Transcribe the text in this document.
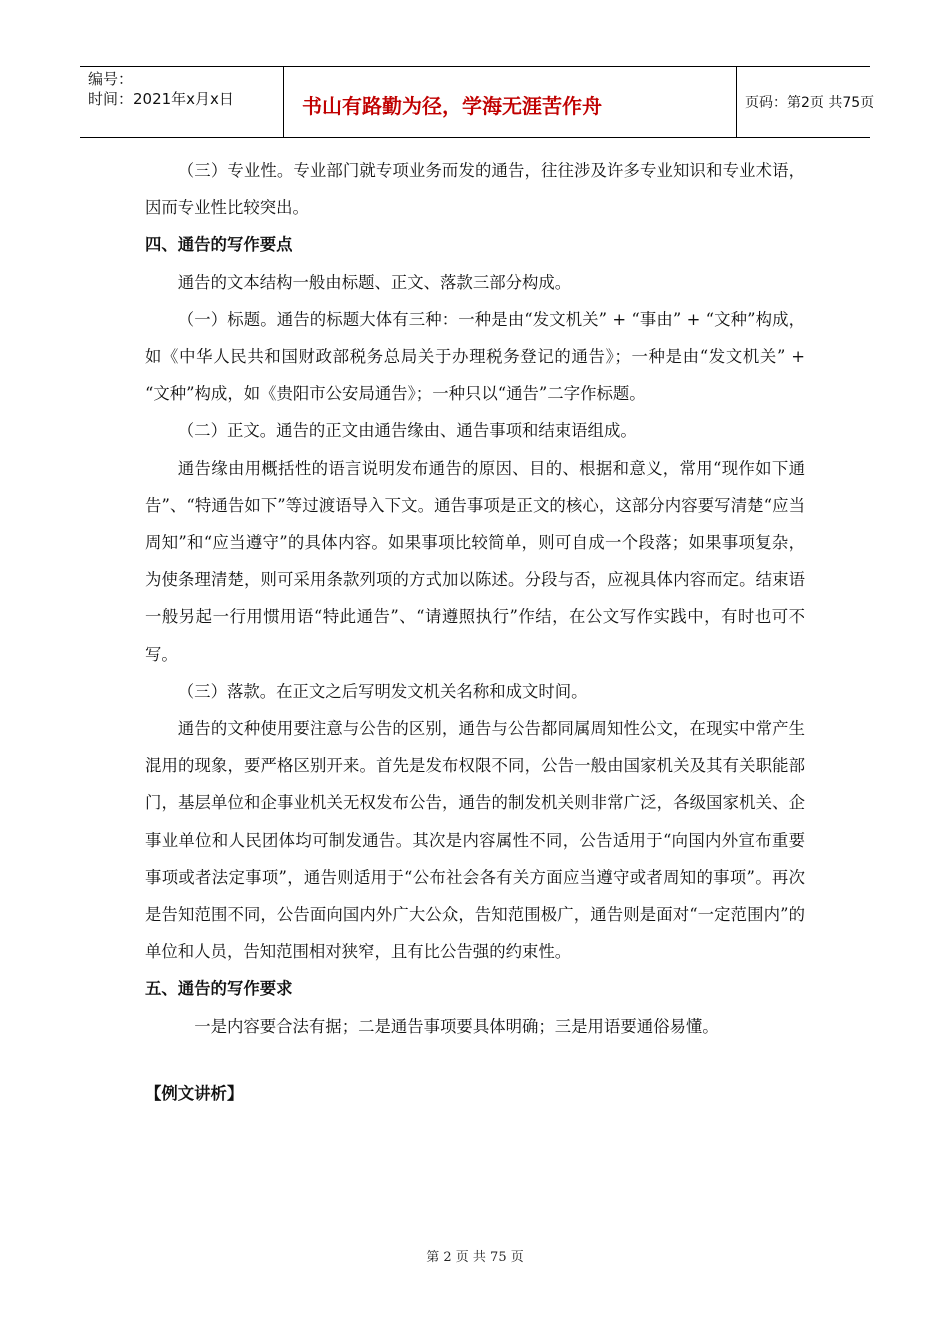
编号：
时间：2021年x月x日	书山有路勤为径，学海无涯苦作舟	页码：第2页 共75页

（三）专业性。专业部门就专项业务而发的通告，往往涉及许多专业知识和专业术语，因而专业性比较突出。

四、通告的写作要点

通告的文本结构一般由标题、正文、落款三部分构成。

（一）标题。通告的标题大体有三种：一种是由“发文机关” + “事由” + “文种”构成，如《中华人民共和国财政部税务总局关于办理税务登记的通告》；一种是由“发文机关” + “文种”构成，如《贵阳市公安局通告》；一种只以“通告”二字作标题。

（二）正文。通告的正文由通告缘由、通告事项和结束语组成。

通告缘由用概括性的语言说明发布通告的原因、目的、根据和意义，常用“现作如下通告”、“特通告如下”等过渡语导入下文。通告事项是正文的核心，这部分内容要写清楚“应当周知”和“应当遵守”的具体内容。如果事项比较简单，则可自成一个段落；如果事项复杂，为使条理清楚，则可采用条款列项的方式加以陈述。分段与否，应视具体内容而定。结束语一般另起一行用惯用语“特此通告”、“请遵照执行”作结，在公文写作实践中，有时也可不写。

（三）落款。在正文之后写明发文机关名称和成文时间。

通告的文种使用要注意与公告的区别，通告与公告都同属周知性公文，在现实中常产生混用的现象，要严格区别开来。首先是发布权限不同，公告一般由国家机关及其有关职能部门，基层单位和企事业机关无权发布公告，通告的制发机关则非常广泛，各级国家机关、企事业单位和人民团体均可制发通告。其次是内容属性不同，公告适用于“向国内外宣布重要事项或者法定事项”，通告则适用于“公布社会各有关方面应当遵守或者周知的事项”。再次是告知范围不同，公告面向国内外广大公众，告知范围极广，通告则是面对“一定范围内”的单位和人员，告知范围相对狭窄，且有比公告强的约束性。

五、通告的写作要求

一是内容要合法有据；二是通告事项要具体明确；三是用语要通俗易懂。

【例文讲析】
第 2 页 共 75 页
